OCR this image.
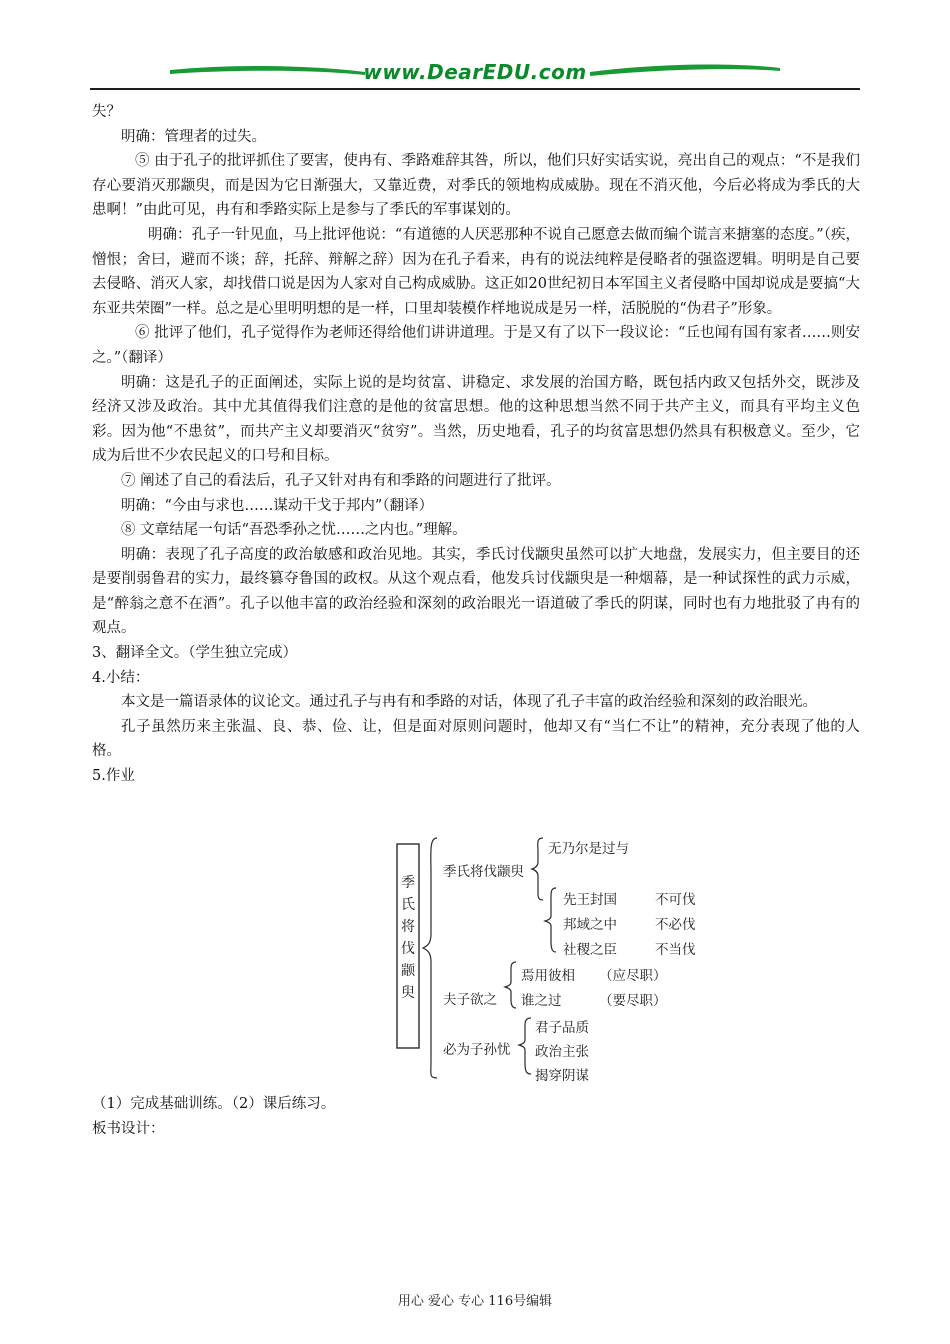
www.DearEDU.com

失？

明确：管理者的过失。

⑤ 由于孔子的批评抓住了要害，使冉有、季路难辞其咎，所以，他们只好实话实说，亮出自己的观点：“不是我们存心要消灭那颛臾，而是因为它日渐强大，又靠近费，对季氏的领地构成威胁。现在不消灭他，今后必将成为季氏的大患啊！”由此可见，冉有和季路实际上是参与了季氏的军事谋划的。

明确：孔子一针见血，马上批评他说：“有道德的人厌恶那种不说自己愿意去做而编个谎言来搪塞的态度。”（疾，憎恨；舍曰，避而不谈；辞，托辞、辩解之辞）因为在孔子看来，冉有的说法纯粹是侵略者的强盗逻辑。明明是自己要去侵略、消灭人家，却找借口说是因为人家对自己构成威胁。这正如20世纪初日本军国主义者侵略中国却说成是要搞“大东亚共荣圈”一样。总之是心里明明想的是一样，口里却装模作样地说成是另一样，活脱脱的“伪君子”形象。

⑥ 批评了他们，孔子觉得作为老师还得给他们讲讲道理。于是又有了以下一段议论：“丘也闻有国有家者……则安之。”（翻译）

明确：这是孔子的正面阐述，实际上说的是均贫富、讲稳定、求发展的治国方略，既包括内政又包括外交，既涉及经济又涉及政治。其中尤其值得我们注意的是他的贫富思想。他的这种思想当然不同于共产主义，而具有平均主义色彩。因为他“不患贫”，而共产主义却要消灭“贫穷”。当然，历史地看，孔子的均贫富思想仍然具有积极意义。至少，它成为后世不少农民起义的口号和目标。

⑦ 阐述了自己的看法后，孔子又针对冉有和季路的问题进行了批评。

明确：“今由与求也……谋动干戈于邦内”（翻译）

⑧ 文章结尾一句话“吾恐季孙之忧……之内也。”理解。

明确：表现了孔子高度的政治敏感和政治见地。其实，季氏讨伐颛臾虽然可以扩大地盘，发展实力，但主要目的还是要削弱鲁君的实力，最终篡夺鲁国的政权。从这个观点看，他发兵讨伐颛臾是一种烟幕，是一种试探性的武力示威，是“醉翁之意不在酒”。孔子以他丰富的政治经验和深刻的政治眼光一语道破了季氏的阴谋，同时也有力地批驳了冉有的观点。

3、翻译全文。（学生独立完成）

4.小结：

本文是一篇语录体的议论文。通过孔子与冉有和季路的对话，体现了孔子丰富的政治经验和深刻的政治眼光。

孔子虽然历来主张温、良、恭、俭、让，但是面对原则问题时，他却又有“当仁不让”的精神，充分表现了他的人格。

5.作业

季
氏
将
伐
颛
臾
季氏将伐颛臾
无乃尔是过与
先王封国	不可伐
邦域之中	不必伐
社稷之臣	不当伐
夫子欲之
焉用彼相 （应尽职）
谁之过	（要尽职）
必为子孙忧
君子品质
政治主张
揭穿阴谋

（1）完成基础训练。（2）课后练习。

板书设计：

用心 爱心 专心 116号编辑
